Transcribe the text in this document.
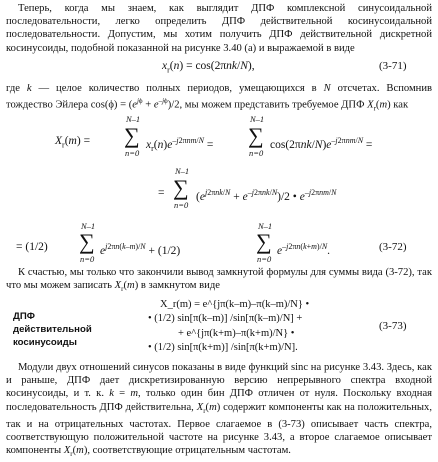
Теперь, когда мы знаем, как выглядит ДПФ комплексной синусоидальной последовательности, легко определить ДПФ действительной косинусоидальной последовательности. Допустим, мы хотим получить ДПФ действительной дискретной косинусоиды, подобной показанной на рисунке 3.40 (а) и выражаемой в виде

$x_r(n) = \cos(2\pi nk/N)$,	(3-71)

где k — целое количество полных периодов, умещающихся в N отсчетах. Вспомнив тождество Эйлера $\cos(\phi) = (e^{j\phi} + e^{-j\phi})/2$, мы можем представить требуемое ДПФ $X_r(m)$ как

$X_r(m)$ =
N–1
∑
n=0
$x_r(n)e^{-j2\pi nm/N}$ =
N–1
∑
n=0
$\cos(2\pi nk/N)e^{-j2\pi nm/N}$ =
N–1
= ∑
n=0
$(e^{j2\pi nk/N} + e^{-j2\pi nk/N})/2$ • $e^{-j2\pi nm/N}$
N–1
= (1/2) ∑
n=0
$e^{j2\pi n(k-m)/N} + (1/2)$
N–1
∑
n=0
$e^{-j2\pi n(k+m)/N}$.	(3-72)

К счастью, мы только что закончили вывод замкнутой формулы для суммы вида (3-72), так что мы можем записать $X_r(m)$ в замкнутом виде

ДПФ действительной косинусоиды
X_r(m) = e^{jπ(k–m)–π(k–m)/N} •
• (1/2) sin[π(k–m)] /sin[π(k–m)/N] +
+ e^{jπ(k+m)–π(k+m)/N} •
• (1/2) sin[π(k+m)] /sin[π(k+m)/N].
(3-73)

Модули двух отношений синусов показаны в виде функций sinc на рисунке 3.43. Здесь, как и раньше, ДПФ дает дискретизированную версию непрерывного спектра входной косинусоиды, и т. к. k = m, только один бин ДПФ отличен от нуля. Поскольку входная последовательность ДПФ действительна, $X_r(m)$ содержит компоненты как на положительных, так и на отрицательных частотах. Первое слагаемое в (3-73) описывает часть спектра, соответствующую положительной частоте на рисунке 3.43, а второе слагаемое описывает компоненты $X_r(m)$, соответствующие отрицательным частотам.
